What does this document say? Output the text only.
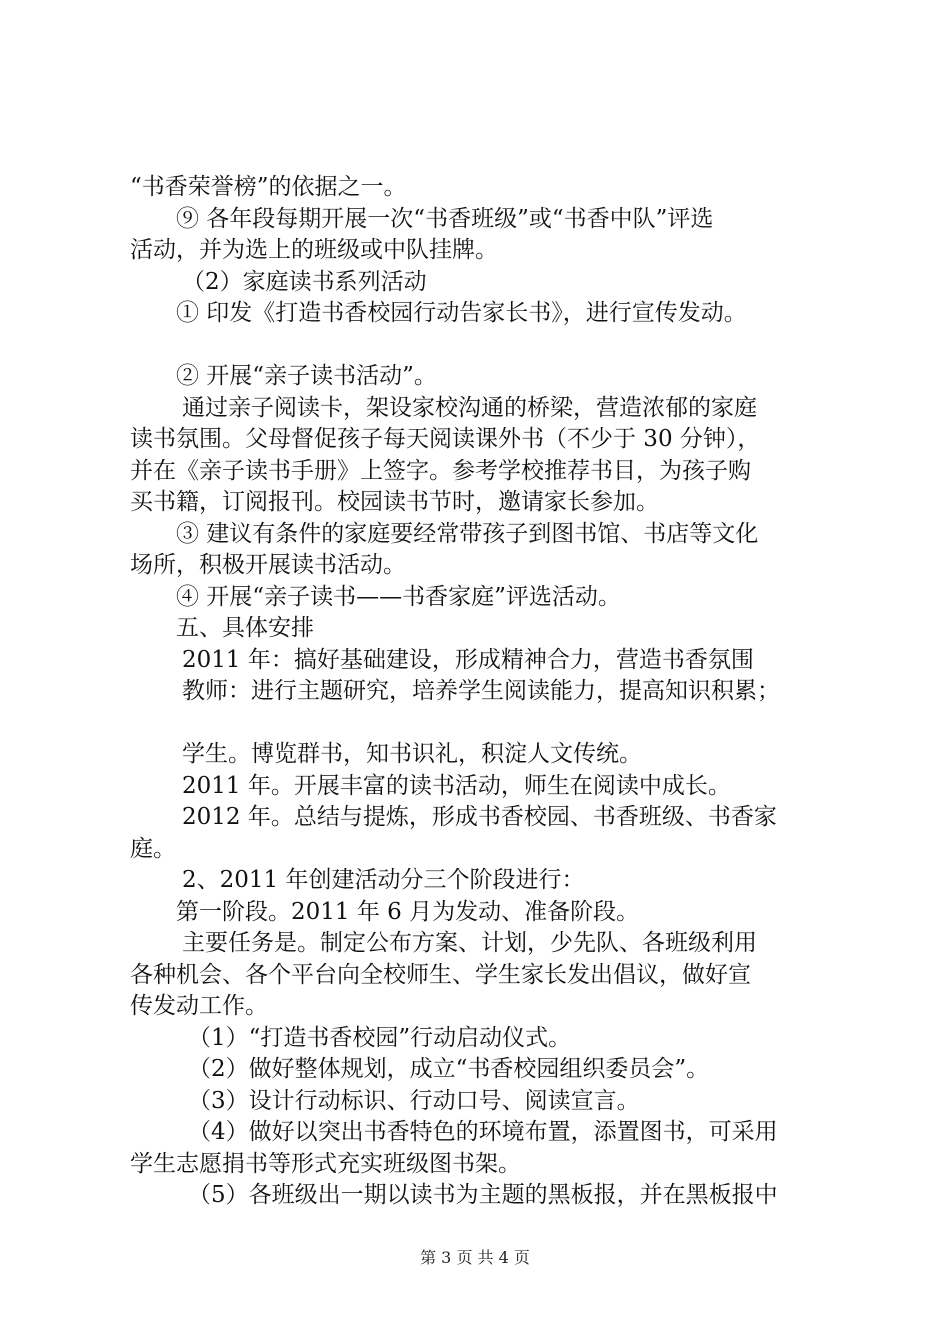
“书香荣誉榜”的依据之一。
⑨ 各年段每期开展一次“书香班级”或“书香中队”评选
活动，并为选上的班级或中队挂牌。
（2）家庭读书系列活动
① 印发《打造书香校园行动告家长书》，进行宣传发动。
② 开展“亲子读书活动”。
通过亲子阅读卡，架设家校沟通的桥梁，营造浓郁的家庭
读书氛围。父母督促孩子每天阅读课外书（不少于 30 分钟），
并在《亲子读书手册》上签字。参考学校推荐书目，为孩子购
买书籍，订阅报刊。校园读书节时，邀请家长参加。
③ 建议有条件的家庭要经常带孩子到图书馆、书店等文化
场所，积极开展读书活动。
④ 开展“亲子读书——书香家庭”评选活动。
五、具体安排
2011 年：搞好基础建设，形成精神合力，营造书香氛围
教师：进行主题研究，培养学生阅读能力，提高知识积累；
学生。博览群书，知书识礼，积淀人文传统。
2011 年。开展丰富的读书活动，师生在阅读中成长。
2012 年。总结与提炼，形成书香校园、书香班级、书香家
庭。
2、2011 年创建活动分三个阶段进行：
第一阶段。2011 年 6 月为发动、准备阶段。
主要任务是。制定公布方案、计划，少先队、各班级利用
各种机会、各个平台向全校师生、学生家长发出倡议，做好宣
传发动工作。
（1）“打造书香校园”行动启动仪式。
（2）做好整体规划，成立“书香校园组织委员会”。
（3）设计行动标识、行动口号、阅读宣言。
（4）做好以突出书香特色的环境布置，添置图书，可采用
学生志愿捐书等形式充实班级图书架。
（5）各班级出一期以读书为主题的黑板报，并在黑板报中
第 3 页 共 4 页
